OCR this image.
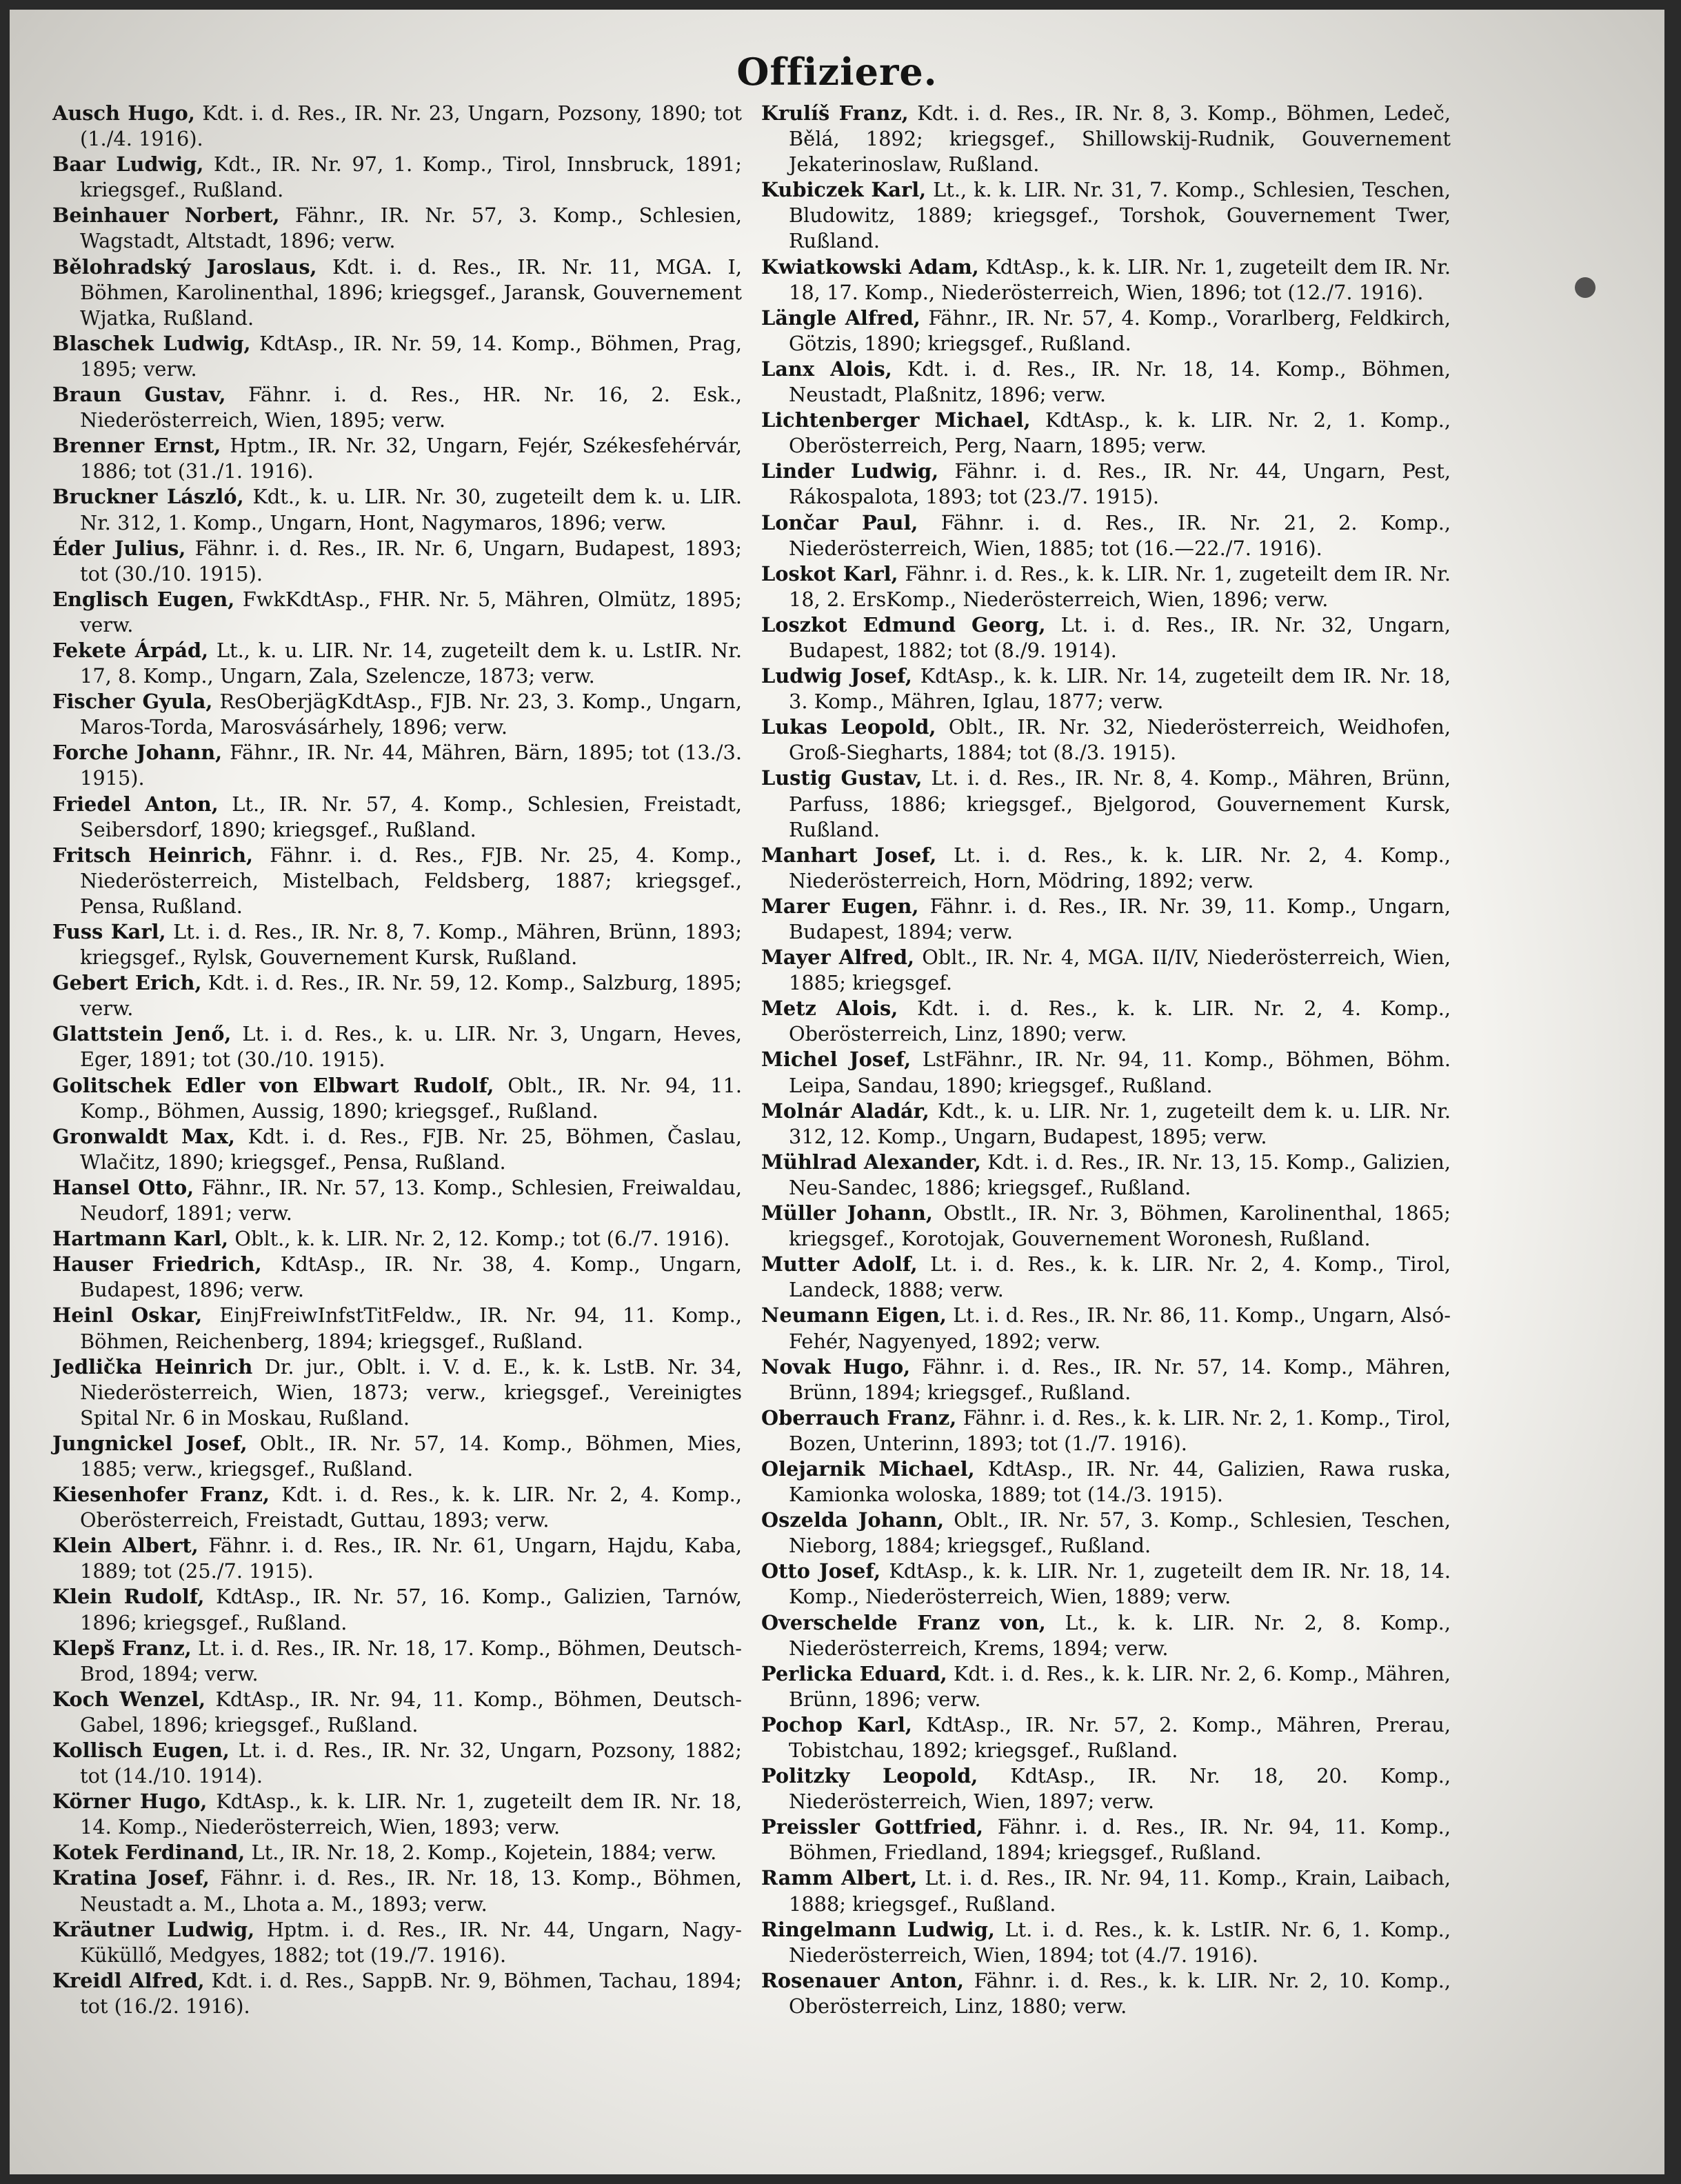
Offiziere.

Ausch Hugo, Kdt. i. d. Res., IR. Nr. 23, Ungarn, Pozsony, 1890; tot (1./4. 1916).

Baar Ludwig, Kdt., IR. Nr. 97, 1. Komp., Tirol, Innsbruck, 1891; kriegsgef., Rußland.

Beinhauer Norbert, Fähnr., IR. Nr. 57, 3. Komp., Schlesien, Wagstadt, Altstadt, 1896; verw.

Bělohradský Jaroslaus, Kdt. i. d. Res., IR. Nr. 11, MGA. I, Böhmen, Karolinenthal, 1896; kriegsgef., Jaransk, Gouvernement Wjatka, Rußland.

Blaschek Ludwig, KdtAsp., IR. Nr. 59, 14. Komp., Böhmen, Prag, 1895; verw.

Braun Gustav, Fähnr. i. d. Res., HR. Nr. 16, 2. Esk., Niederösterreich, Wien, 1895; verw.

Brenner Ernst, Hptm., IR. Nr. 32, Ungarn, Fejér, Székesfehérvár, 1886; tot (31./1. 1916).

Bruckner László, Kdt., k. u. LIR. Nr. 30, zugeteilt dem k. u. LIR. Nr. 312, 1. Komp., Ungarn, Hont, Nagymaros, 1896; verw.

Éder Julius, Fähnr. i. d. Res., IR. Nr. 6, Ungarn, Budapest, 1893; tot (30./10. 1915).

Englisch Eugen, FwkKdtAsp., FHR. Nr. 5, Mähren, Olmütz, 1895; verw.

Fekete Árpád, Lt., k. u. LIR. Nr. 14, zugeteilt dem k. u. LstIR. Nr. 17, 8. Komp., Ungarn, Zala, Szelencze, 1873; verw.

Fischer Gyula, ResOberjägKdtAsp., FJB. Nr. 23, 3. Komp., Ungarn, Maros-Torda, Marosvásárhely, 1896; verw.

Forche Johann, Fähnr., IR. Nr. 44, Mähren, Bärn, 1895; tot (13./3. 1915).

Friedel Anton, Lt., IR. Nr. 57, 4. Komp., Schlesien, Freistadt, Seibersdorf, 1890; kriegsgef., Rußland.

Fritsch Heinrich, Fähnr. i. d. Res., FJB. Nr. 25, 4. Komp., Niederösterreich, Mistelbach, Feldsberg, 1887; kriegsgef., Pensa, Rußland.

Fuss Karl, Lt. i. d. Res., IR. Nr. 8, 7. Komp., Mähren, Brünn, 1893; kriegsgef., Rylsk, Gouvernement Kursk, Rußland.

Gebert Erich, Kdt. i. d. Res., IR. Nr. 59, 12. Komp., Salzburg, 1895; verw.

Glattstein Jenő, Lt. i. d. Res., k. u. LIR. Nr. 3, Ungarn, Heves, Eger, 1891; tot (30./10. 1915).

Golitschek Edler von Elbwart Rudolf, Oblt., IR. Nr. 94, 11. Komp., Böhmen, Aussig, 1890; kriegsgef., Rußland.

Gronwaldt Max, Kdt. i. d. Res., FJB. Nr. 25, Böhmen, Časlau, Wlačitz, 1890; kriegsgef., Pensa, Rußland.

Hansel Otto, Fähnr., IR. Nr. 57, 13. Komp., Schlesien, Freiwaldau, Neudorf, 1891; verw.

Hartmann Karl, Oblt., k. k. LIR. Nr. 2, 12. Komp.; tot (6./7. 1916).

Hauser Friedrich, KdtAsp., IR. Nr. 38, 4. Komp., Ungarn, Budapest, 1896; verw.

Heinl Oskar, EinjFreiwInfstTitFeldw., IR. Nr. 94, 11. Komp., Böhmen, Reichenberg, 1894; kriegsgef., Rußland.

Jedlička Heinrich Dr. jur., Oblt. i. V. d. E., k. k. LstB. Nr. 34, Niederösterreich, Wien, 1873; verw., kriegsgef., Vereinigtes Spital Nr. 6 in Moskau, Rußland.

Jungnickel Josef, Oblt., IR. Nr. 57, 14. Komp., Böhmen, Mies, 1885; verw., kriegsgef., Rußland.

Kiesenhofer Franz, Kdt. i. d. Res., k. k. LIR. Nr. 2, 4. Komp., Oberösterreich, Freistadt, Guttau, 1893; verw.

Klein Albert, Fähnr. i. d. Res., IR. Nr. 61, Ungarn, Hajdu, Kaba, 1889; tot (25./7. 1915).

Klein Rudolf, KdtAsp., IR. Nr. 57, 16. Komp., Galizien, Tarnów, 1896; kriegsgef., Rußland.

Klepš Franz, Lt. i. d. Res., IR. Nr. 18, 17. Komp., Böhmen, Deutsch-Brod, 1894; verw.

Koch Wenzel, KdtAsp., IR. Nr. 94, 11. Komp., Böhmen, Deutsch-Gabel, 1896; kriegsgef., Rußland.

Kollisch Eugen, Lt. i. d. Res., IR. Nr. 32, Ungarn, Pozsony, 1882; tot (14./10. 1914).

Körner Hugo, KdtAsp., k. k. LIR. Nr. 1, zugeteilt dem IR. Nr. 18, 14. Komp., Niederösterreich, Wien, 1893; verw.

Kotek Ferdinand, Lt., IR. Nr. 18, 2. Komp., Kojetein, 1884; verw.

Kratina Josef, Fähnr. i. d. Res., IR. Nr. 18, 13. Komp., Böhmen, Neustadt a. M., Lhota a. M., 1893; verw.

Kräutner Ludwig, Hptm. i. d. Res., IR. Nr. 44, Ungarn, Nagy-Küküllő, Medgyes, 1882; tot (19./7. 1916).

Kreidl Alfred, Kdt. i. d. Res., SappB. Nr. 9, Böhmen, Tachau, 1894; tot (16./2. 1916).

Krulíš Franz, Kdt. i. d. Res., IR. Nr. 8, 3. Komp., Böhmen, Ledeč, Bělá, 1892; kriegsgef., Shillowskij-Rudnik, Gouvernement Jekaterinoslaw, Rußland.

Kubiczek Karl, Lt., k. k. LIR. Nr. 31, 7. Komp., Schlesien, Teschen, Bludowitz, 1889; kriegsgef., Torshok, Gouvernement Twer, Rußland.

Kwiatkowski Adam, KdtAsp., k. k. LIR. Nr. 1, zugeteilt dem IR. Nr. 18, 17. Komp., Niederösterreich, Wien, 1896; tot (12./7. 1916).

Längle Alfred, Fähnr., IR. Nr. 57, 4. Komp., Vorarlberg, Feldkirch, Götzis, 1890; kriegsgef., Rußland.

Lanx Alois, Kdt. i. d. Res., IR. Nr. 18, 14. Komp., Böhmen, Neustadt, Plaßnitz, 1896; verw.

Lichtenberger Michael, KdtAsp., k. k. LIR. Nr. 2, 1. Komp., Oberösterreich, Perg, Naarn, 1895; verw.

Linder Ludwig, Fähnr. i. d. Res., IR. Nr. 44, Ungarn, Pest, Rákospalota, 1893; tot (23./7. 1915).

Lončar Paul, Fähnr. i. d. Res., IR. Nr. 21, 2. Komp., Niederösterreich, Wien, 1885; tot (16.—22./7. 1916).

Loskot Karl, Fähnr. i. d. Res., k. k. LIR. Nr. 1, zugeteilt dem IR. Nr. 18, 2. ErsKomp., Niederösterreich, Wien, 1896; verw.

Loszkot Edmund Georg, Lt. i. d. Res., IR. Nr. 32, Ungarn, Budapest, 1882; tot (8./9. 1914).

Ludwig Josef, KdtAsp., k. k. LIR. Nr. 14, zugeteilt dem IR. Nr. 18, 3. Komp., Mähren, Iglau, 1877; verw.

Lukas Leopold, Oblt., IR. Nr. 32, Niederösterreich, Weidhofen, Groß-Siegharts, 1884; tot (8./3. 1915).

Lustig Gustav, Lt. i. d. Res., IR. Nr. 8, 4. Komp., Mähren, Brünn, Parfuss, 1886; kriegsgef., Bjelgorod, Gouvernement Kursk, Rußland.

Manhart Josef, Lt. i. d. Res., k. k. LIR. Nr. 2, 4. Komp., Niederösterreich, Horn, Mödring, 1892; verw.

Marer Eugen, Fähnr. i. d. Res., IR. Nr. 39, 11. Komp., Ungarn, Budapest, 1894; verw.

Mayer Alfred, Oblt., IR. Nr. 4, MGA. II/IV, Niederösterreich, Wien, 1885; kriegsgef.

Metz Alois, Kdt. i. d. Res., k. k. LIR. Nr. 2, 4. Komp., Oberösterreich, Linz, 1890; verw.

Michel Josef, LstFähnr., IR. Nr. 94, 11. Komp., Böhmen, Böhm. Leipa, Sandau, 1890; kriegsgef., Rußland.

Molnár Aladár, Kdt., k. u. LIR. Nr. 1, zugeteilt dem k. u. LIR. Nr. 312, 12. Komp., Ungarn, Budapest, 1895; verw.

Mühlrad Alexander, Kdt. i. d. Res., IR. Nr. 13, 15. Komp., Galizien, Neu-Sandec, 1886; kriegsgef., Rußland.

Müller Johann, Obstlt., IR. Nr. 3, Böhmen, Karolinenthal, 1865; kriegsgef., Korotojak, Gouvernement Woronesh, Rußland.

Mutter Adolf, Lt. i. d. Res., k. k. LIR. Nr. 2, 4. Komp., Tirol, Landeck, 1888; verw.

Neumann Eigen, Lt. i. d. Res., IR. Nr. 86, 11. Komp., Ungarn, Alsó-Fehér, Nagyenyed, 1892; verw.

Novak Hugo, Fähnr. i. d. Res., IR. Nr. 57, 14. Komp., Mähren, Brünn, 1894; kriegsgef., Rußland.

Oberrauch Franz, Fähnr. i. d. Res., k. k. LIR. Nr. 2, 1. Komp., Tirol, Bozen, Unterinn, 1893; tot (1./7. 1916).

Olejarnik Michael, KdtAsp., IR. Nr. 44, Galizien, Rawa ruska, Kamionka woloska, 1889; tot (14./3. 1915).

Oszelda Johann, Oblt., IR. Nr. 57, 3. Komp., Schlesien, Teschen, Nieborg, 1884; kriegsgef., Rußland.

Otto Josef, KdtAsp., k. k. LIR. Nr. 1, zugeteilt dem IR. Nr. 18, 14. Komp., Niederösterreich, Wien, 1889; verw.

Overschelde Franz von, Lt., k. k. LIR. Nr. 2, 8. Komp., Niederösterreich, Krems, 1894; verw.

Perlicka Eduard, Kdt. i. d. Res., k. k. LIR. Nr. 2, 6. Komp., Mähren, Brünn, 1896; verw.

Pochop Karl, KdtAsp., IR. Nr. 57, 2. Komp., Mähren, Prerau, Tobistchau, 1892; kriegsgef., Rußland.

Politzky Leopold, KdtAsp., IR. Nr. 18, 20. Komp., Niederösterreich, Wien, 1897; verw.

Preissler Gottfried, Fähnr. i. d. Res., IR. Nr. 94, 11. Komp., Böhmen, Friedland, 1894; kriegsgef., Rußland.

Ramm Albert, Lt. i. d. Res., IR. Nr. 94, 11. Komp., Krain, Laibach, 1888; kriegsgef., Rußland.

Ringelmann Ludwig, Lt. i. d. Res., k. k. LstIR. Nr. 6, 1. Komp., Niederösterreich, Wien, 1894; tot (4./7. 1916).

Rosenauer Anton, Fähnr. i. d. Res., k. k. LIR. Nr. 2, 10. Komp., Oberösterreich, Linz, 1880; verw.
